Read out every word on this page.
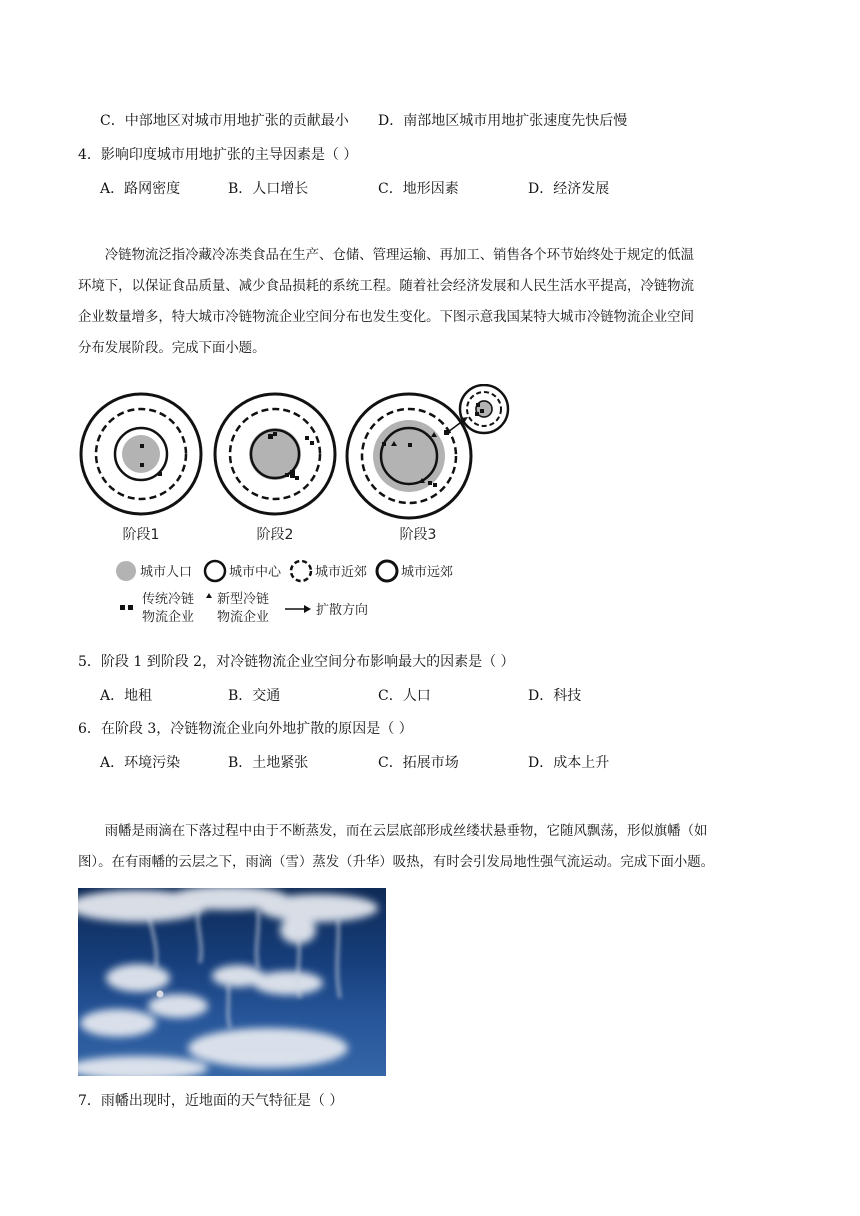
C．中部地区对城市用地扩张的贡献最小 D．南部地区城市用地扩张速度先快后慢
4．影响印度城市用地扩张的主导因素是（ ）
A．路网密度	B．人口增长	C．地形因素	D．经济发展
冷链物流泛指冷藏冷冻类食品在生产、仓储、管理运输、再加工、销售各个环节始终处于规定的低温
环境下，以保证食品质量、减少食品损耗的系统工程。随着社会经济发展和人民生活水平提高，冷链物流
企业数量增多，特大城市冷链物流企业空间分布也发生变化。下图示意我国某特大城市冷链物流企业空间
分布发展阶段。完成下面小题。
阶段1	阶段2	阶段3
城市人口	城市中心	城市近郊	城市远郊
传统冷链
物流企业
新型冷链
物流企业	扩散方向
5．阶段 1 到阶段 2，对冷链物流企业空间分布影响最大的因素是（ ）
A．地租	B．交通	C．人口	D．科技
6．在阶段 3，冷链物流企业向外地扩散的原因是（ ）
A．环境污染	B．土地紧张	C．拓展市场	D．成本上升
雨幡是雨滴在下落过程中由于不断蒸发，而在云层底部形成丝缕状悬垂物，它随风飘荡，形似旗幡（如
图）。在有雨幡的云层之下，雨滴（雪）蒸发（升华）吸热，有时会引发局地性强气流运动。完成下面小题。
7．雨幡出现时，近地面的天气特征是（ ）
